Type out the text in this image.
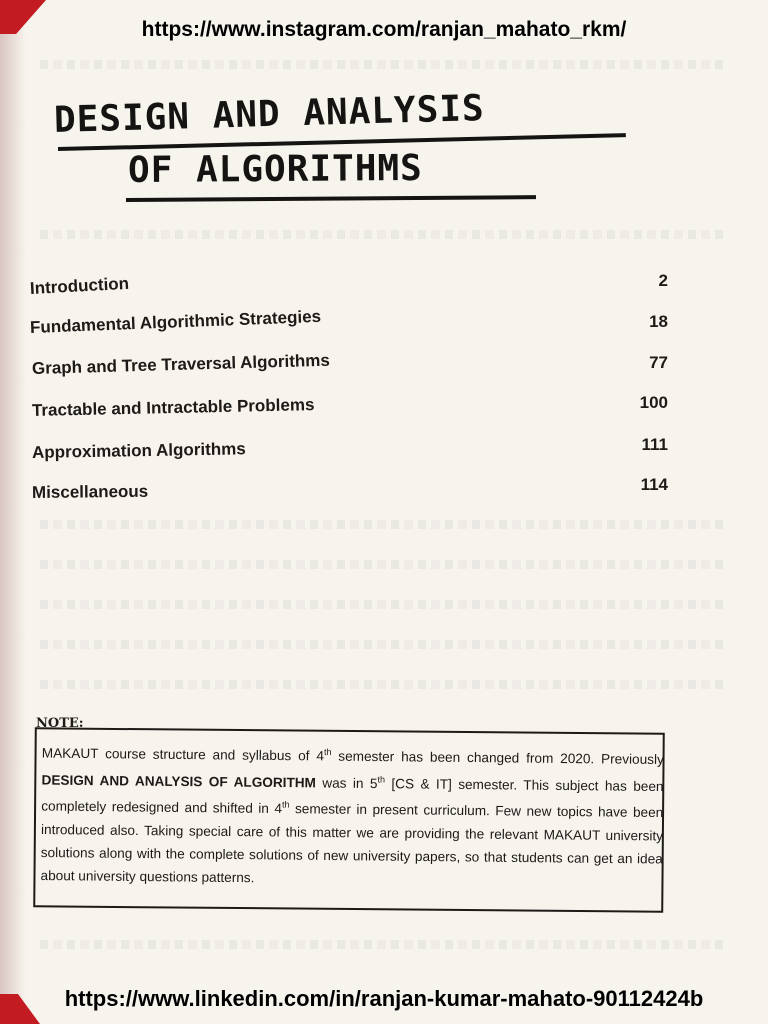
https://www.instagram.com/ranjan_mahato_rkm/
DESIGN AND ANALYSIS
OF ALGORITHMS
Introduction	2
Fundamental Algorithmic Strategies	18
Graph and Tree Traversal Algorithms	77
Tractable and Intractable Problems	100
Approximation Algorithms	111
Miscellaneous	114
NOTE:
MAKAUT course structure and syllabus of 4th semester has been changed from 2020. Previously DESIGN AND ANALYSIS OF ALGORITHM was in 5th [CS & IT] semester. This subject has been completely redesigned and shifted in 4th semester in present curriculum. Few new topics have been introduced also. Taking special care of this matter we are providing the relevant MAKAUT university solutions along with the complete solutions of new university papers, so that students can get an idea about university questions patterns.
https://www.linkedin.com/in/ranjan-kumar-mahato-90112424b
